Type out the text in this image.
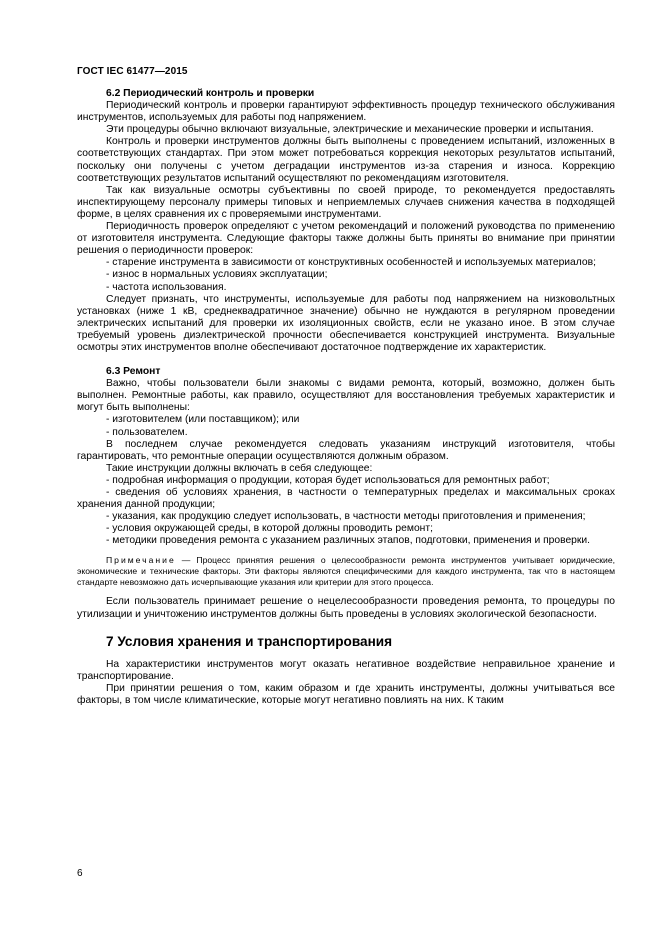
ГОСТ IEC 61477—2015
6.2 Периодический контроль и проверки

Периодический контроль и проверки гарантируют эффективность процедур технического обслуживания инструментов, используемых для работы под напряжением.

Эти процедуры обычно включают визуальные, электрические и механические проверки и испытания.

Контроль и проверки инструментов должны быть выполнены с проведением испытаний, изложенных в соответствующих стандартах. При этом может потребоваться коррекция некоторых результатов испытаний, поскольку они получены с учетом деградации инструментов из-за старения и износа. Коррекцию соответствующих результатов испытаний осуществляют по рекомендациям изготовителя.

Так как визуальные осмотры субъективны по своей природе, то рекомендуется предоставлять инспектирующему персоналу примеры типовых и неприемлемых случаев снижения качества в подходящей форме, в целях сравнения их с проверяемыми инструментами.

Периодичность проверок определяют с учетом рекомендаций и положений руководства по применению от изготовителя инструмента. Следующие факторы также должны быть приняты во внимание при принятии решения о периодичности проверок:

- старение инструмента в зависимости от конструктивных особенностей и используемых материалов;

- износ в нормальных условиях эксплуатации;

- частота использования.

Следует признать, что инструменты, используемые для работы под напряжением на низковольтных установках (ниже 1 кВ, среднеквадратичное значение) обычно не нуждаются в регулярном проведении электрических испытаний для проверки их изоляционных свойств, если не указано иное. В этом случае требуемый уровень диэлектрической прочности обеспечивается конструкцией инструмента. Визуальные осмотры этих инструментов вполне обеспечивают достаточное подтверждение их характеристик.

6.3 Ремонт

Важно, чтобы пользователи были знакомы с видами ремонта, который, возможно, должен быть выполнен. Ремонтные работы, как правило, осуществляют для восстановления требуемых характеристик и могут быть выполнены:

- изготовителем (или поставщиком); или

- пользователем.

В последнем случае рекомендуется следовать указаниям инструкций изготовителя, чтобы гарантировать, что ремонтные операции осуществляются должным образом.

Такие инструкции должны включать в себя следующее:

- подробная информация о продукции, которая будет использоваться для ремонтных работ;

- сведения об условиях хранения, в частности о температурных пределах и максимальных сроках хранения данной продукции;

- указания, как продукцию следует использовать, в частности методы приготовления и применения;

- условия окружающей среды, в которой должны проводить ремонт;

- методики проведения ремонта с указанием различных этапов, подготовки, применения и проверки.

Примечание — Процесс принятия решения о целесообразности ремонта инструментов учитывает юридические, экономические и технические факторы. Эти факторы являются специфическими для каждого инструмента, так что в настоящем стандарте невозможно дать исчерпывающие указания или критерии для этого процесса.

Если пользователь принимает решение о нецелесообразности проведения ремонта, то процедуры по утилизации и уничтожению инструментов должны быть проведены в условиях экологической безопасности.

7 Условия хранения и транспортирования

На характеристики инструментов могут оказать негативное воздействие неправильное хранение и транспортирование.

При принятии решения о том, каким образом и где хранить инструменты, должны учитываться все факторы, в том числе климатические, которые могут негативно повлиять на них. К таким

6
